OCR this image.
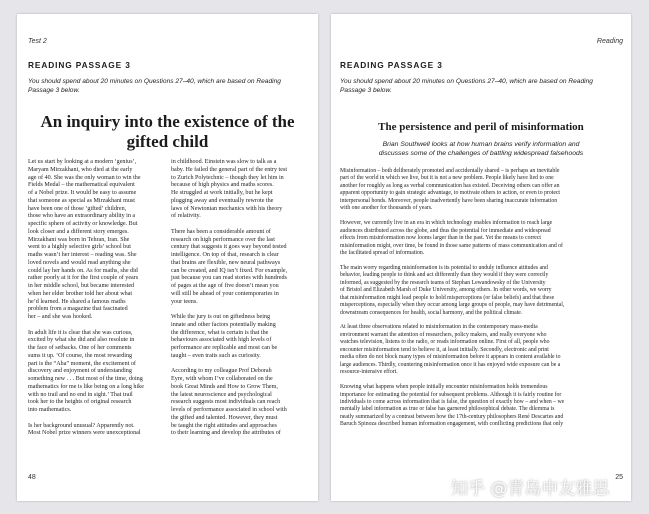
Test 2
READING PASSAGE 3
You should spend about 20 minutes on Questions 27–40, which are based on Reading
Passage 3 below.
An inquiry into the existence of the
gifted child

Let us start by looking at a modern ‘genius’,
Maryam Mirzakhani, who died at the early
age of 40. She was the only woman to win the
Fields Medal – the mathematical equivalent
of a Nobel prize. It would be easy to assume
that someone as special as Mirzakhani must
have been one of those ‘gifted’ children,
those who have an extraordinary ability in a
specific sphere of activity or knowledge. But
look closer and a different story emerges.
Mirzakhani was born in Tehran, Iran. She
went to a highly selective girls’ school but
maths wasn’t her interest – reading was. She
loved novels and would read anything she
could lay her hands on. As for maths, she did
rather poorly at it for the first couple of years
in her middle school, but became interested
when her elder brother told her about what
he’d learned. He shared a famous maths
problem from a magazine that fascinated
her – and she was hooked.

In adult life it is clear that she was curious,
excited by what she did and also resolute in
the face of setbacks. One of her comments
sums it up. ‘Of course, the most rewarding
part is the “Aha” moment, the excitement of
discovery and enjoyment of understanding
something new . . . But most of the time, doing
mathematics for me is like being on a long hike
with no trail and no end in sight.’ That trail
took her to the heights of original research
into mathematics.

Is her background unusual? Apparently not.
Most Nobel prize winners were unexceptional

in childhood. Einstein was slow to talk as a
baby. He failed the general part of the entry test
to Zurich Polytechnic – though they let him in
because of high physics and maths scores.
He struggled at work initially, but he kept
plugging away and eventually rewrote the
laws of Newtonian mechanics with his theory
of relativity.

There has been a considerable amount of
research on high performance over the last
century that suggests it goes way beyond tested
intelligence. On top of that, research is clear
that brains are flexible, new neural pathways
can be created, and IQ isn’t fixed. For example,
just because you can read stories with hundreds
of pages at the age of five doesn’t mean you
will still be ahead of your contemporaries in
your teens.

While the jury is out on giftedness being
innate and other factors potentially making
the difference, what is certain is that the
behaviours associated with high levels of
performance are replicable and most can be
taught – even traits such as curiosity.

According to my colleague Prof Deborah
Eyre, with whom I’ve collaborated on the
book Great Minds and How to Grow Them,
the latest neuroscience and psychological
research suggests most individuals can reach
levels of performance associated in school with
the gifted and talented. However, they must
be taught the right attitudes and approaches
to their learning and develop the attributes of

48
Reading
READING PASSAGE 3
You should spend about 20 minutes on Questions 27–40, which are based on Reading
Passage 3 below.
The persistence and peril of misinformation
Brian Southwell looks at how human brains verify information and
discusses some of the challenges of battling widespread falsehoods

Misinformation – both deliberately promoted and accidentally shared – is perhaps an inevitable
part of the world in which we live, but it is not a new problem. People likely have lied to one
another for roughly as long as verbal communication has existed. Deceiving others can offer an
apparent opportunity to gain strategic advantage, to motivate others to action, or even to protect
interpersonal bonds. Moreover, people inadvertently have been sharing inaccurate information
with one another for thousands of years.

However, we currently live in an era in which technology enables information to reach large
audiences distributed across the globe, and thus the potential for immediate and widespread
effects from misinformation now looms larger than in the past. Yet the means to correct
misinformation might, over time, be found in those same patterns of mass communication and of
the facilitated spread of information.

The main worry regarding misinformation is its potential to unduly influence attitudes and
behavior, leading people to think and act differently than they would if they were correctly
informed, as suggested by the research teams of Stephan Lewandowsky of the University
of Bristol and Elizabeth Marsh of Duke University, among others. In other words, we worry
that misinformation might lead people to hold misperceptions (or false beliefs) and that these
misperceptions, especially when they occur among large groups of people, may have detrimental,
downstream consequences for health, social harmony, and the political climate.

At least three observations related to misinformation in the contemporary mass-media
environment warrant the attention of researchers, policy makers, and really everyone who
watches television, listens to the radio, or reads information online. First of all, people who
encounter misinformation tend to believe it, at least initially. Secondly, electronic and print
media often do not block many types of misinformation before it appears in content available to
large audiences. Thirdly, countering misinformation once it has enjoyed wide exposure can be a
resource-intensive effort.

Knowing what happens when people initially encounter misinformation holds tremendous
importance for estimating the potential for subsequent problems. Although it is fairly routine for
individuals to come across information that is false, the question of exactly how – and when – we
mentally label information as true or false has garnered philosophical debate. The dilemma is
neatly summarized by a contrast between how the 17th-century philosophers René Descartes and
Baruch Spinoza described human information engagement, with conflicting predictions that only

25
知乎 @青岛申友雅思
